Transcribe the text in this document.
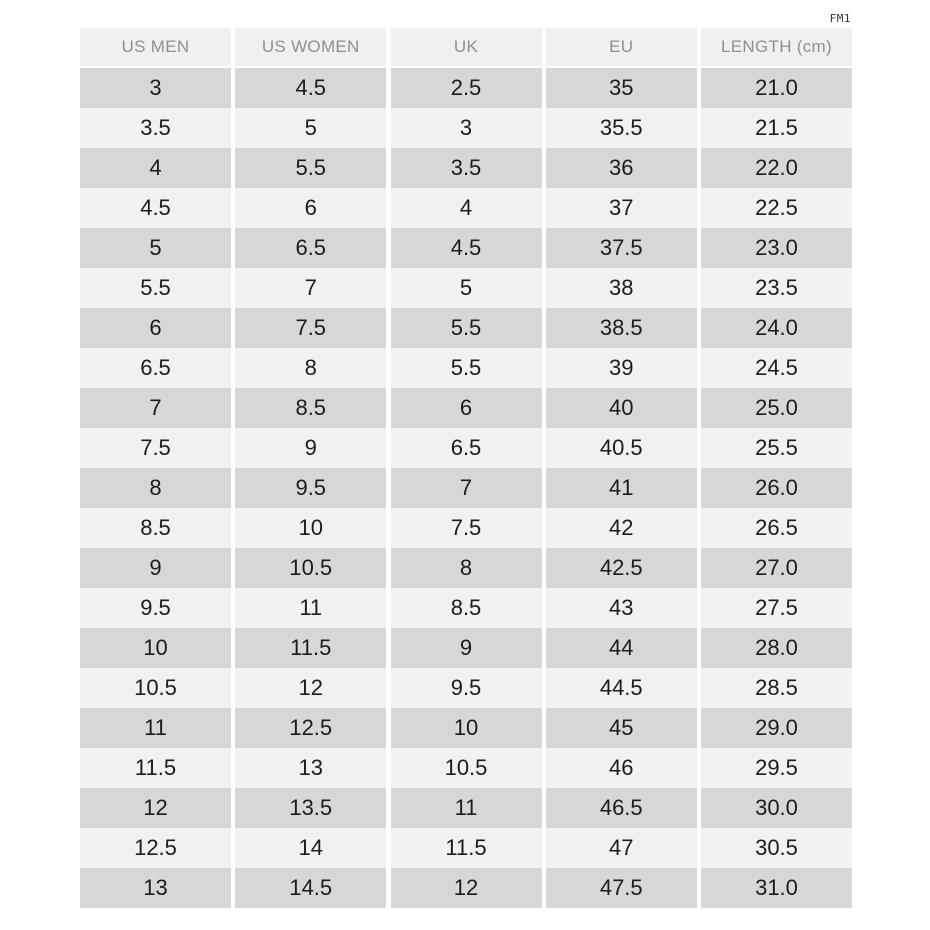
FM1
US MEN	US WOMEN	UK	EU	LENGTH (cm)
3	4.5	2.5	35	21.0
3.5	5	3	35.5	21.5
4	5.5	3.5	36	22.0
4.5	6	4	37	22.5
5	6.5	4.5	37.5	23.0
5.5	7	5	38	23.5
6	7.5	5.5	38.5	24.0
6.5	8	5.5	39	24.5
7	8.5	6	40	25.0
7.5	9	6.5	40.5	25.5
8	9.5	7	41	26.0
8.5	10	7.5	42	26.5
9	10.5	8	42.5	27.0
9.5	11	8.5	43	27.5
10	11.5	9	44	28.0
10.5	12	9.5	44.5	28.5
11	12.5	10	45	29.0
11.5	13	10.5	46	29.5
12	13.5	11	46.5	30.0
12.5	14	11.5	47	30.5
13	14.5	12	47.5	31.0
